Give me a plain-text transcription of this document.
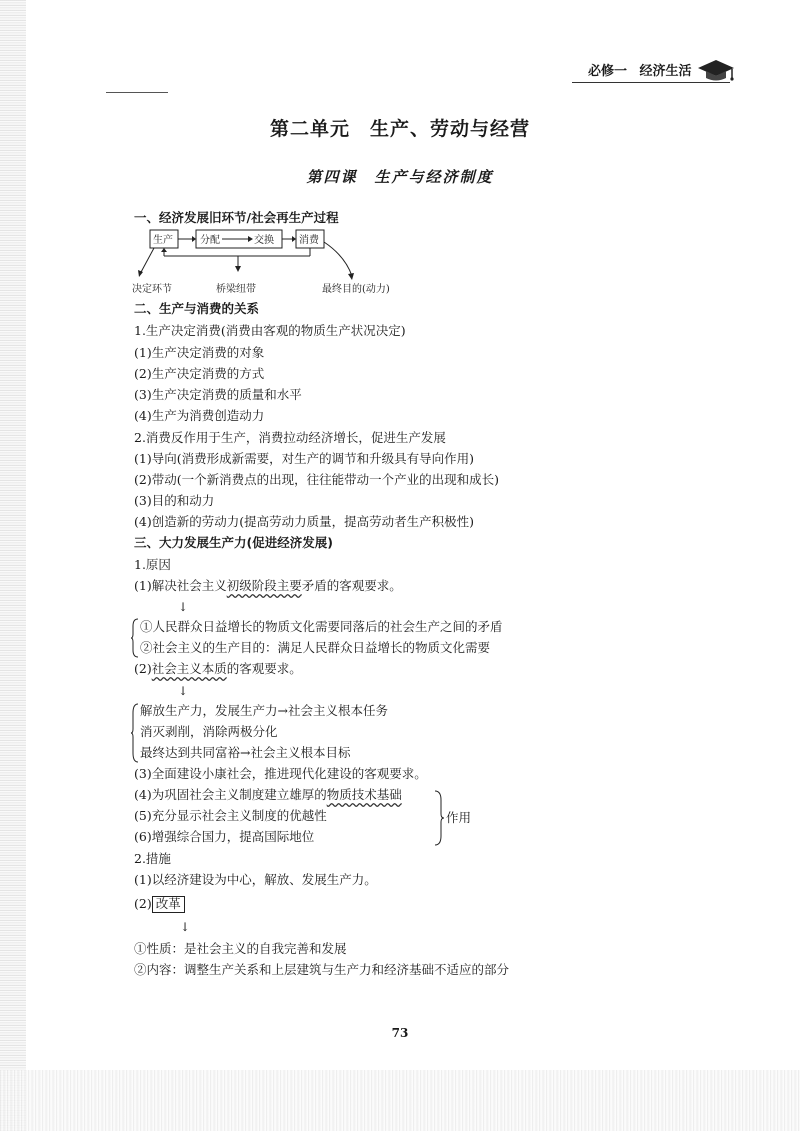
必修一 经济生活
第二单元　生产、劳动与经营
第四课　生产与经济制度
一、经济发展旧环节/社会再生产过程
生产	分配	交换	消费
决定环节	桥梁纽带	最终目的(动力)
二、生产与消费的关系
1.生产决定消费(消费由客观的物质生产状况决定)
(1)生产决定消费的对象
(2)生产决定消费的方式
(3)生产决定消费的质量和水平
(4)生产为消费创造动力
2.消费反作用于生产，消费拉动经济增长，促进生产发展
(1)导向(消费形成新需要，对生产的调节和升级具有导向作用)
(2)带动(一个新消费点的出现，往往能带动一个产业的出现和成长)
(3)目的和动力
(4)创造新的劳动力(提高劳动力质量，提高劳动者生产积极性)
三、大力发展生产力(促进经济发展)
1.原因
(1)解决社会主义初级阶段主要矛盾的客观要求。
↓
①人民群众日益增长的物质文化需要同落后的社会生产之间的矛盾
②社会主义的生产目的：满足人民群众日益增长的物质文化需要
(2)社会主义本质的客观要求。
↓
解放生产力，发展生产力→社会主义根本任务
消灭剥削，消除两极分化
最终达到共同富裕→社会主义根本目标
(3)全面建设小康社会，推进现代化建设的客观要求。
(4)为巩固社会主义制度建立雄厚的物质技术基础
(5)充分显示社会主义制度的优越性
(6)增强综合国力，提高国际地位
作用
2.措施
(1)以经济建设为中心，解放、发展生产力。
(2) 改革
↓
①性质：是社会主义的自我完善和发展
②内容：调整生产关系和上层建筑与生产力和经济基础不适应的部分
73
